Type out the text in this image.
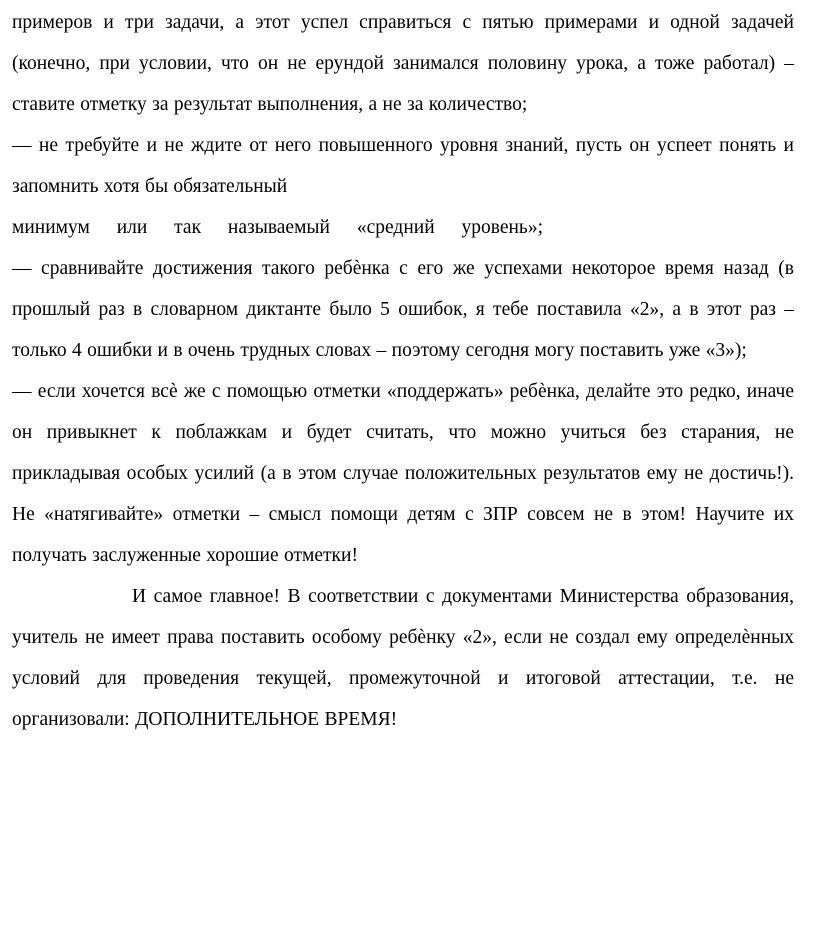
примеров и три задачи, а этот успел справиться с пятью примерами и одной задачей (конечно, при условии, что он не ерундой занимался половину урока, а тоже работал) – ставите отметку за результат выполнения, а не за количество;

— не требуйте и не ждите от него повышенного уровня знаний, пусть он успеет понять и запомнить хотя бы обязательный

минимум или так называемый «средний уровень»;

— сравнивайте достижения такого ребѐнка с его же успехами некоторое время назад (в прошлый раз в словарном диктанте было 5 ошибок, я тебе поставила «2», а в этот раз – только 4 ошибки и в очень трудных словах – поэтому сегодня могу поставить уже «3»);

— если хочется всѐ же с помощью отметки «поддержать» ребѐнка, делайте это редко, иначе он привыкнет к поблажкам и будет считать, что можно учиться без старания, не прикладывая особых усилий (а в этом случае положительных результатов ему не достичь!). Не «натягивайте» отметки – смысл помощи детям с ЗПР совсем не в этом! Научите их получать заслуженные хорошие отметки!

И самое главное! В соответствии с документами Министерства образования, учитель не имеет права поставить особому ребѐнку «2», если не создал ему определѐнных условий для проведения текущей, промежуточной и итоговой аттестации, т.е. не организовали: ДОПОЛНИТЕЛЬНОЕ ВРЕМЯ!
